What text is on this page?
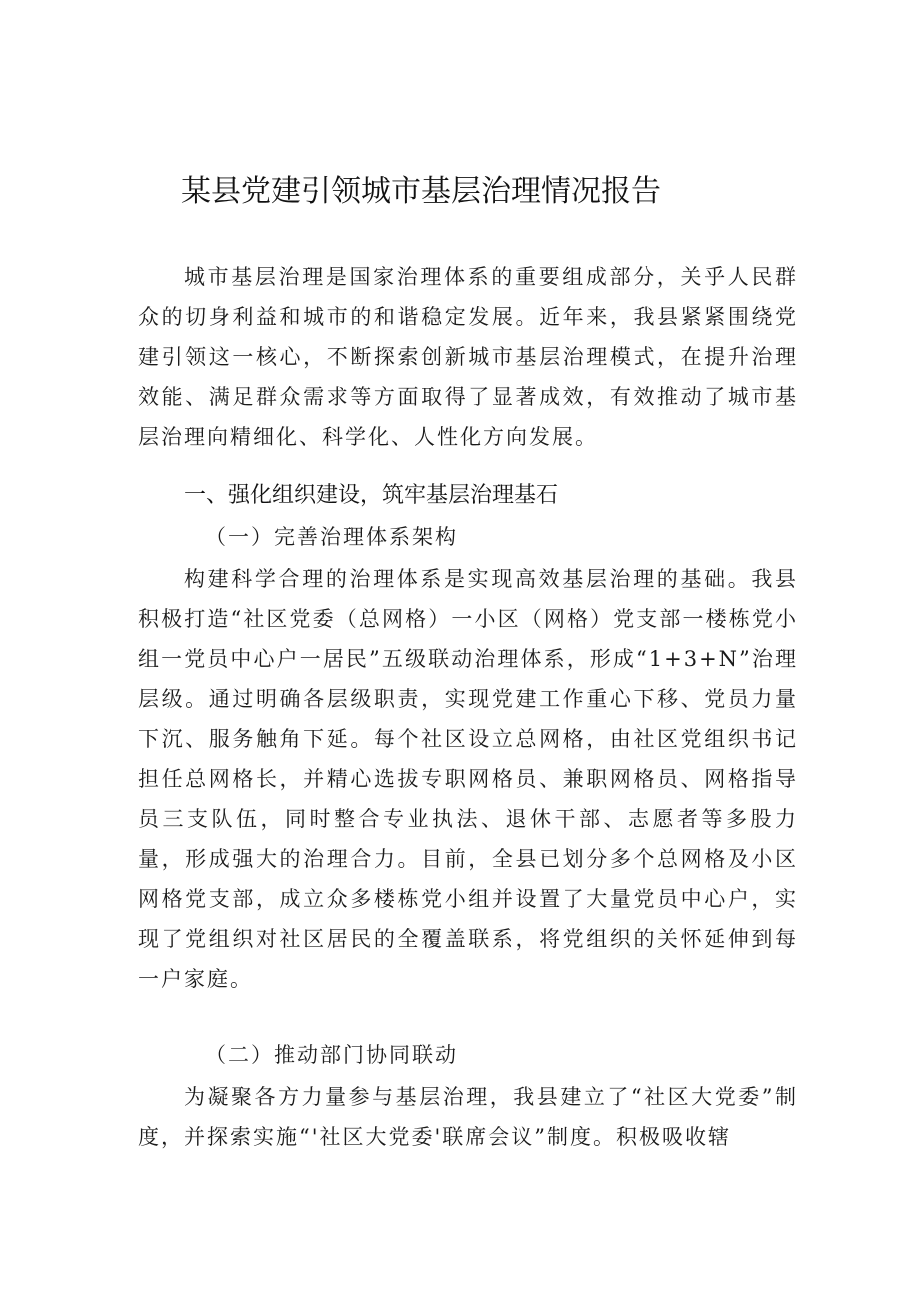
某县党建引领城市基层治理情况报告

城市基层治理是国家治理体系的重要组成部分，关乎人民群众的切身利益和城市的和谐稳定发展。近年来，我县紧紧围绕党建引领这一核心，不断探索创新城市基层治理模式，在提升治理效能、满足群众需求等方面取得了显著成效，有效推动了城市基层治理向精细化、科学化、人性化方向发展。

一、强化组织建设，筑牢基层治理基石
（一）完善治理体系架构

构建科学合理的治理体系是实现高效基层治理的基础。我县积极打造“社区党委（总网格）一小区（网格）党支部一楼栋党小组一党员中心户一居民”五级联动治理体系，形成“1+3+N”治理层级。通过明确各层级职责，实现党建工作重心下移、党员力量下沉、服务触角下延。每个社区设立总网格，由社区党组织书记担任总网格长，并精心选拔专职网格员、兼职网格员、网格指导员三支队伍，同时整合专业执法、退休干部、志愿者等多股力量，形成强大的治理合力。目前，全县已划分多个总网格及小区网格党支部，成立众多楼栋党小组并设置了大量党员中心户，实现了党组织对社区居民的全覆盖联系，将党组织的关怀延伸到每一户家庭。

（二）推动部门协同联动

为凝聚各方力量参与基层治理，我县建立了“社区大党委”制度，并探索实施“'社区大党委'联席会议”制度。积极吸收辖
